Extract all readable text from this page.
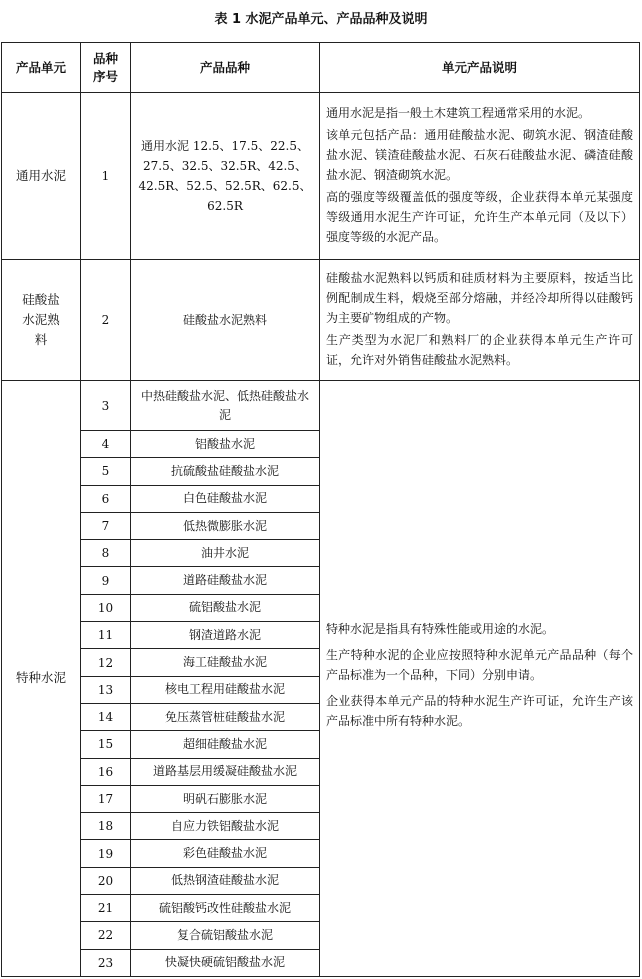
表 1 水泥产品单元、产品品种及说明
产品单元	品种序号	产品品种	单元产品说明
通用水泥	1	通用水泥 12.5、17.5、22.5、27.5、32.5、32.5R、42.5、42.5R、52.5、52.5R、62.5、62.5R	通用水泥是指一般土木建筑工程通常采用的水泥。

该单元包括产品：通用硅酸盐水泥、砌筑水泥、钢渣硅酸盐水泥、镁渣硅酸盐水泥、石灰石硅酸盐水泥、磷渣硅酸盐水泥、钢渣砌筑水泥。

高的强度等级覆盖低的强度等级，企业获得本单元某强度等级通用水泥生产许可证，允许生产本单元同（及以下）强度等级的水泥产品。

硅酸盐水泥熟料	2	硅酸盐水泥熟料	硅酸盐水泥熟料以钙质和硅质材料为主要原料，按适当比例配制成生料，煅烧至部分熔融，并经冷却所得以硅酸钙为主要矿物组成的产物。

生产类型为水泥厂和熟料厂的企业获得本单元生产许可证，允许对外销售硅酸盐水泥熟料。

特种水泥	3	中热硅酸盐水泥、低热硅酸盐水泥	特种水泥是指具有特殊性能或用途的水泥。

生产特种水泥的企业应按照特种水泥单元产品品种（每个产品标准为一个品种，下同）分别申请。

企业获得本单元产品的特种水泥生产许可证，允许生产该产品标准中所有特种水泥。

	4	铝酸盐水泥	
	5	抗硫酸盐硅酸盐水泥	
	6	白色硅酸盐水泥	
	7	低热微膨胀水泥	
	8	油井水泥	
	9	道路硅酸盐水泥	
	10	硫铝酸盐水泥	
	11	钢渣道路水泥	
	12	海工硅酸盐水泥	
	13	核电工程用硅酸盐水泥	
	14	免压蒸管桩硅酸盐水泥	
	15	超细硅酸盐水泥	
	16	道路基层用缓凝硅酸盐水泥	
	17	明矾石膨胀水泥	
	18	自应力铁铝酸盐水泥	
	19	彩色硅酸盐水泥	
	20	低热钢渣硅酸盐水泥	
	21	硫铝酸钙改性硅酸盐水泥	
	22	复合硫铝酸盐水泥	
	23	快凝快硬硫铝酸盐水泥	
